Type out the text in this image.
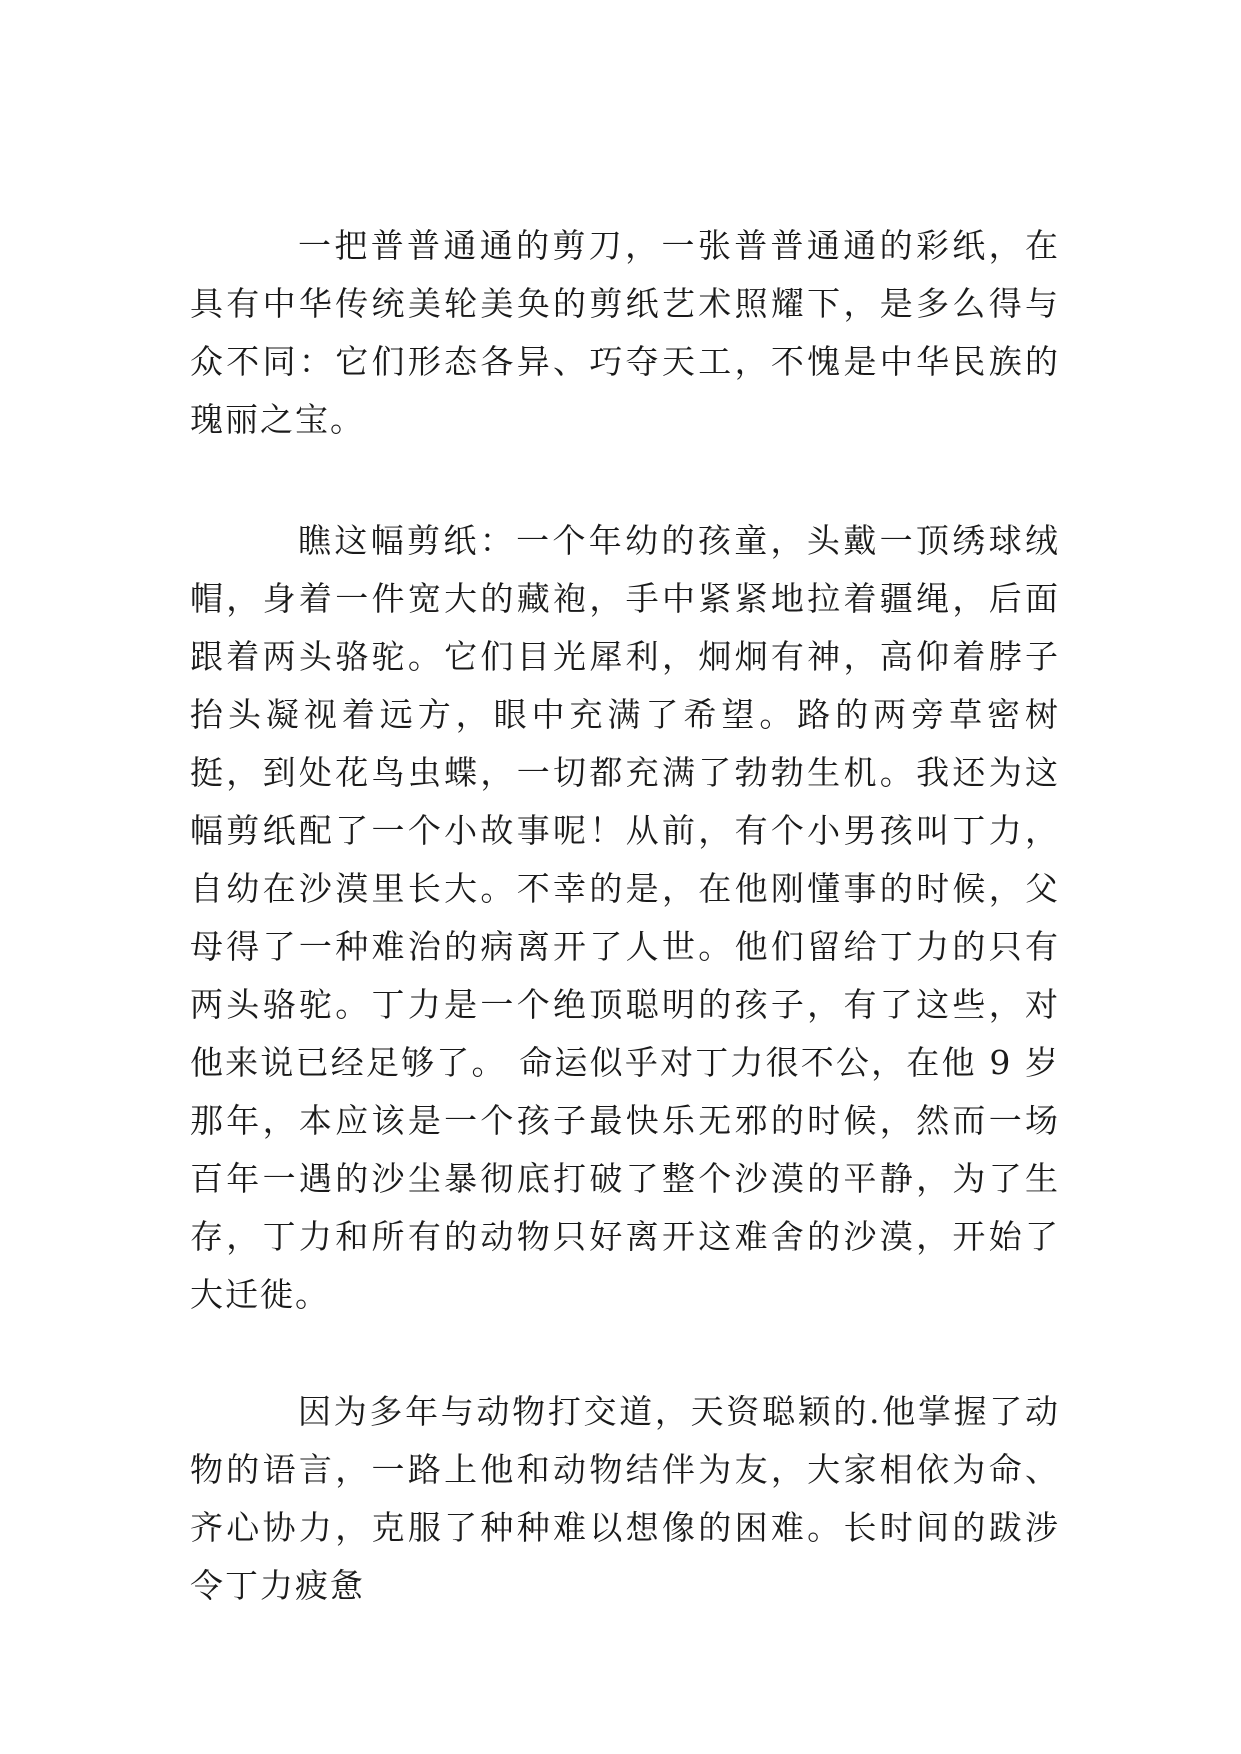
一把普普通通的剪刀，一张普普通通的彩纸，在具有中华传统美轮美奂的剪纸艺术照耀下，是多么得与众不同：它们形态各异、巧夺天工，不愧是中华民族的瑰丽之宝。

瞧这幅剪纸：一个年幼的孩童，头戴一顶绣球绒帽，身着一件宽大的藏袍，手中紧紧地拉着疆绳，后面跟着两头骆驼。它们目光犀利，炯炯有神，高仰着脖子抬头凝视着远方，眼中充满了希望。路的两旁草密树挺，到处花鸟虫蝶，一切都充满了勃勃生机。我还为这幅剪纸配了一个小故事呢！从前，有个小男孩叫丁力，自幼在沙漠里长大。不幸的是，在他刚懂事的时候，父母得了一种难治的病离开了人世。他们留给丁力的只有两头骆驼。丁力是一个绝顶聪明的孩子，有了这些，对他来说已经足够了。 命运似乎对丁力很不公，在他 9 岁那年，本应该是一个孩子最快乐无邪的时候，然而一场百年一遇的沙尘暴彻底打破了整个沙漠的平静，为了生存，丁力和所有的动物只好离开这难舍的沙漠，开始了大迁徙。

因为多年与动物打交道，天资聪颖的.他掌握了动物的语言，一路上他和动物结伴为友，大家相依为命、齐心协力，克服了种种难以想像的困难。长时间的跋涉令丁力疲惫
